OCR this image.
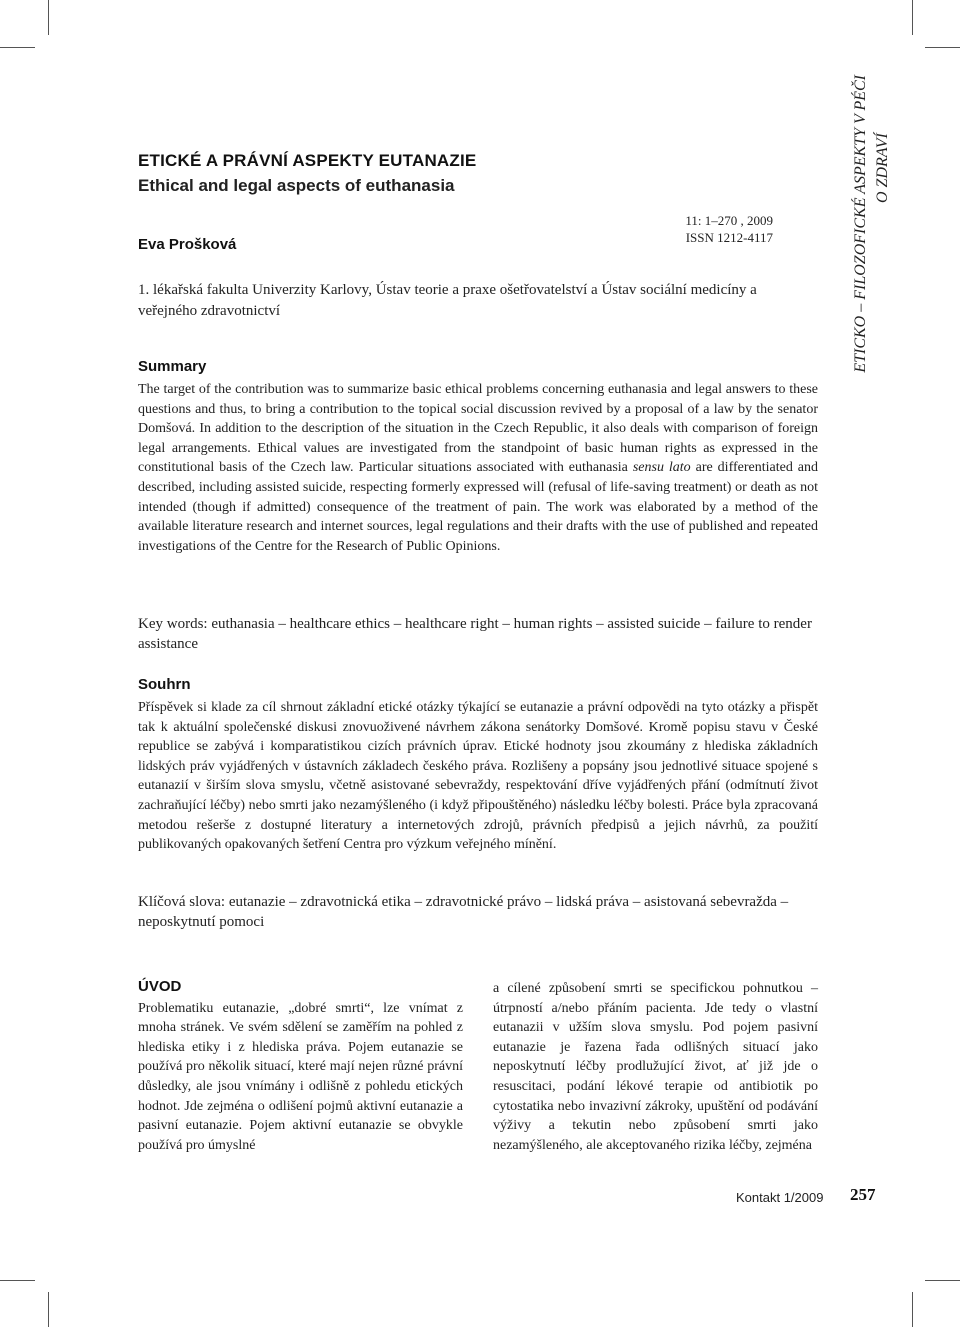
ETICKÉ A PRÁVNÍ ASPEKTY EUTANAZIE
Ethical and legal aspects of euthanasia
11: 1–270 , 2009
ISSN 1212-4117

Eva Prošková

1. lékařská fakulta Univerzity Karlovy, Ústav teorie a praxe ošetřovatelství a Ústav sociální medicíny a veřejného zdravotnictví

Summary

The target of the contribution was to summarize basic ethical problems concerning euthanasia and legal answers to these questions and thus, to bring a contribution to the topical social discussion revived by a proposal of a law by the senator Domšová. In addition to the description of the situation in the Czech Republic, it also deals with comparison of foreign legal arrangements. Ethical values are investigated from the standpoint of basic human rights as expressed in the constitutional basis of the Czech law. Particular situations associated with euthanasia sensu lato are differentiated and described, including assisted suicide, respecting formerly expressed will (refusal of life-saving treatment) or death as not intended (though if admitted) consequence of the treatment of pain. The work was elaborated by a method of the available literature research and internet sources, legal regulations and their drafts with the use of published and repeated investigations of the Centre for the Research of Public Opinions.

Key words: euthanasia – healthcare ethics – healthcare right – human rights – assisted suicide – failure to render assistance

Souhrn

Příspěvek si klade za cíl shrnout základní etické otázky týkající se eutanazie a právní odpovědi na tyto otázky a přispět tak k aktuální společenské diskusi znovuoživené návrhem zákona senátorky Domšové. Kromě popisu stavu v České republice se zabývá i komparatistikou cizích právních úprav. Etické hodnoty jsou zkoumány z hlediska základních lidských práv vyjádřených v ústavních základech českého práva. Rozlišeny a popsány jsou jednotlivé situace spojené s eutanazií v širším slova smyslu, včetně asistované sebevraždy, respektování dříve vyjádřených přání (odmítnutí život zachraňující léčby) nebo smrti jako nezamýšleného (i když připouštěného) následku léčby bolesti. Práce byla zpracovaná metodou rešerše z dostupné literatury a internetových zdrojů, právních předpisů a jejich návrhů, za použití publikovaných opakovaných šetření Centra pro výzkum veřejného mínění.

Klíčová slova: eutanazie – zdravotnická etika – zdravotnické právo – lidská práva – asistovaná sebevražda – neposkytnutí pomoci

ÚVOD
Problematiku eutanazie, „dobré smrti“, lze vnímat z mnoha stránek. Ve svém sdělení se zaměřím na pohled z hlediska etiky i z hlediska práva. Pojem eutanazie se používá pro několik situací, které mají nejen různé právní důsledky, ale jsou vnímány i odlišně z pohledu etických hodnot. Jde zejména o odlišení pojmů aktivní eutanazie a pasivní eutanazie. Pojem aktivní eutanazie se obvykle používá pro úmyslné
a cílené způsobení smrti se specifickou pohnutkou – útrpností a/nebo přáním pacienta. Jde tedy o vlastní eutanazii v užším slova smyslu. Pod pojem pasivní eutanazie je řazena řada odlišných situací jako neposkytnutí léčby prodlužující život, ať již jde o resuscitaci, podání lékové terapie od antibiotik po cytostatika nebo invazivní zákroky, upuštění od podávání výživy a tekutin nebo způsobení smrti jako nezamýšleného, ale akceptovaného rizika léčby, zejména
ETICKO – FILOZOFICKÉ ASPEKTY V PÉČI O ZDRAVÍ
Kontakt 1/2009 257
